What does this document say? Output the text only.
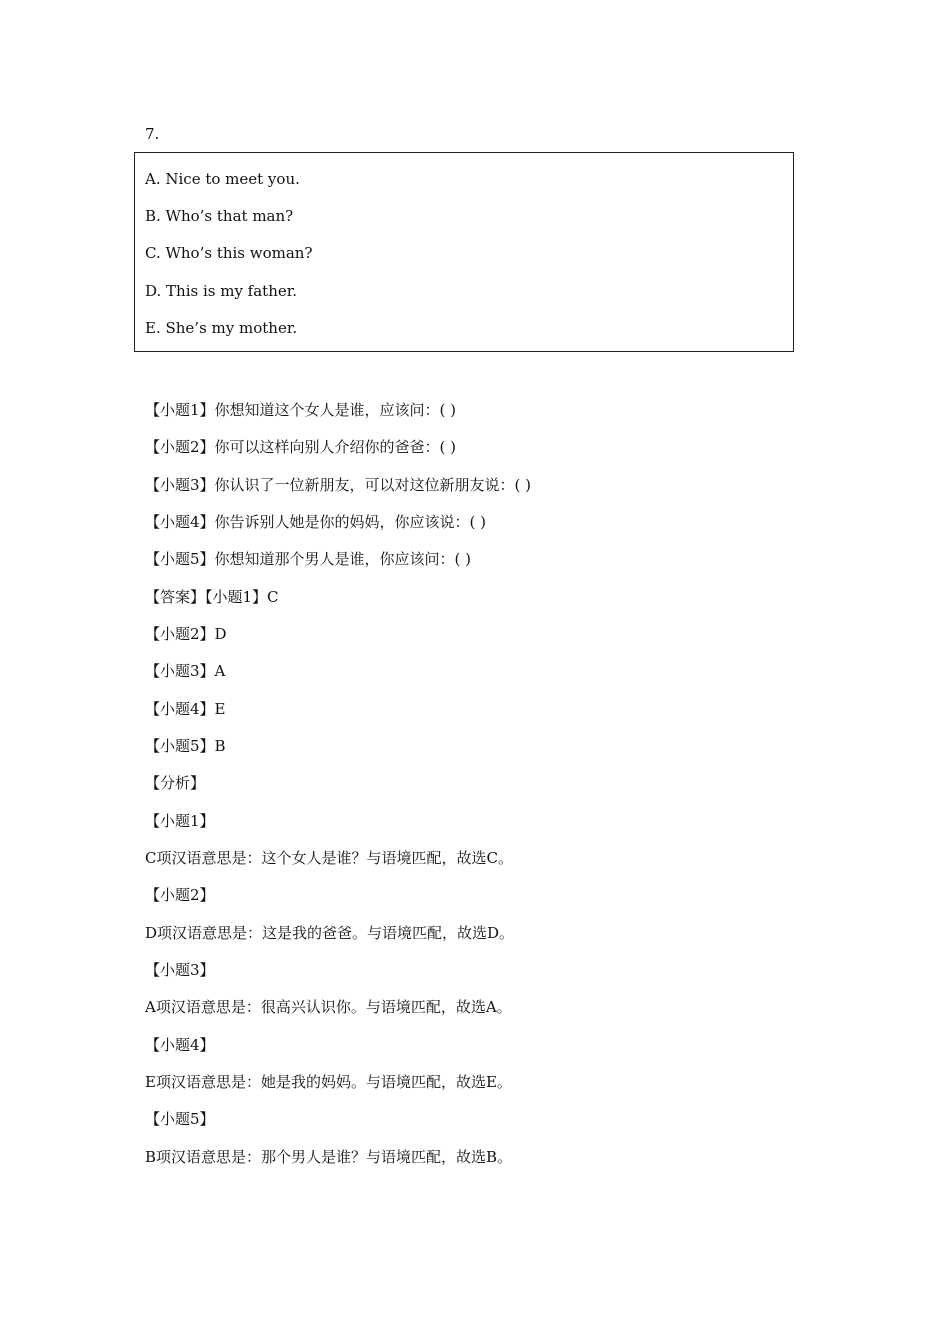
7.
A. Nice to meet you.
B. Who’s that man?
C. Who’s this woman?
D. This is my father.
E. She’s my mother.
【小题1】你想知道这个女人是谁，应该问：( )
【小题2】你可以这样向别人介绍你的爸爸：( )
【小题3】你认识了一位新朋友，可以对这位新朋友说：( )
【小题4】你告诉别人她是你的妈妈，你应该说：( )
【小题5】你想知道那个男人是谁，你应该问：( )
【答案】【小题1】C
【小题2】D
【小题3】A
【小题4】E
【小题5】B
【分析】
【小题1】
C项汉语意思是：这个女人是谁？与语境匹配，故选C。
【小题2】
D项汉语意思是：这是我的爸爸。与语境匹配，故选D。
【小题3】
A项汉语意思是：很高兴认识你。与语境匹配，故选A。
【小题4】
E项汉语意思是：她是我的妈妈。与语境匹配，故选E。
【小题5】
B项汉语意思是：那个男人是谁？与语境匹配，故选B。
